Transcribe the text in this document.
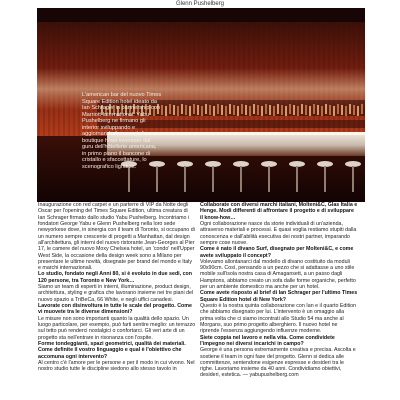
Glenn Pushelberg
L'american bar del nuovo Times Square Edition hotel ideato da Ian Schrager in partnership con Marriott International. Yabu Pushelberg ne firmano gli interior sviluppando e aggiornando il concept di boutique hotel inventato dal guru dell'hôtellerie americana, in primo piano il bancone di cristallo e sfaccettature, lo scenografico lightbox.

Inaugurazione con red carpet e un parterre di VIP da Notte degli Oscar per l'opening del Times Square Edition, ultima creatura di Ian Schrager firmato dallo studio Yabu Pushelberg. Incontriamo i fondatori George Yabu e Glenn Pushelberg nella loro sede newyorkese dove, in sinergia con il team di Toronto, si occupano di un numero sempre crescente di progetti a Manhattan, dal design all'architettura, gli interni del nuovo ristorante Jean-Georges al Pier 17, le camere del nuovo Moxy Chelsea hotel, un 'condo' nell'Upper West Side, la occasione della design week sono a Milano per presentare le ultime novità, disegnate per brand del mondo e Italy e marchi internazionali.

Lo studio, fondato negli Anni 80, si è evoluto in due sedi, con 120 persone, tra Toronto e New York…

Siamo un team di esperti in interni, illuminazione, product design, architettura, styling e grafica che lavorano insieme nei tre piani del nuovo spazio a TriBeCa, 66 White, e negli uffici canadesi.

Lavorate con disinvoltura in tutte le scale del progetto. Come vi muovete tra le diverse dimensioni?

Le misure non sono importanti quanto la qualità dello spazio. Un luogo particolare, per esempio, può farti sentire meglio: un terrazzo sul tetto può renderci nostalgici o confortarci. Gli veri arte di un progetto sta nell'entrare in risonanza con l'ospite.

Forme tondeggianti, spazi geometrici, qualità dei materiali. Come definite il vostro linguaggio e qual è l'obiettivo che accomuna ogni intervento?

Al centro c'è l'amore per le persone e per il modo in cui vivono. Nel nostro studio tutte le discipline siedono allo stesso tavolo in

Collaborate con diversi marchi italiani, Molteni&C, Glas Italia e Henge. Modi differenti di affrontare il progetto e di sviluppare il know-how…

Ogni collaborazione nasce da storie individuali di un'azienda, attraverso materiali e processi. E quasi voglia restiamo stupiti dalla conoscenza e dall'abilità esecutiva dei nostri partner, imparando sempre cose nuove.

Come è nato il divano Surf, disegnato per Molteni&C, e come avete sviluppato il concept?

Volevamo allontanarci dal modello di divano costituito da moduli 90x90cm. Così, pensando a un pezzo che si adattasse a uno stile mobile sull'isola nostra casa di Amagansett, a un passo dagli Hamptons, abbiamo creato un sofa dalle forme organiche, perfetto per un ambiente domestico ma anche per un hotel.

Come avete risposto al brief di Ian Schrager per l'ultimo Times Square Edition hotel di New York?

Questo è la nostra quinta collaborazione con Ian e il quarto Edition che abbiamo disegnato per lui. L'intervento è un omaggio alla prima volta che ci siamo incontrati allo Studio 54 ma anche al Morgans, suo primo progetto alberghiero. Il nuovo hotel ne riprende l'essenza aggiungendo influenze moderne.

Siete coppia nel lavoro e nella vita. Come condividete l'impegno nei diversi incarichi in campo?

George è una persona estremamente creativa e precisa. Ascolta e sostiene il team in ogni fase del progetto. Glenn si dedica alle committenze, sentendone esigenze espresse e desideri tra le righe. Lavoriamo insieme da 40 anni. Condividiamo obiettivi, desideri, estetica. — yabupushelberg.com
